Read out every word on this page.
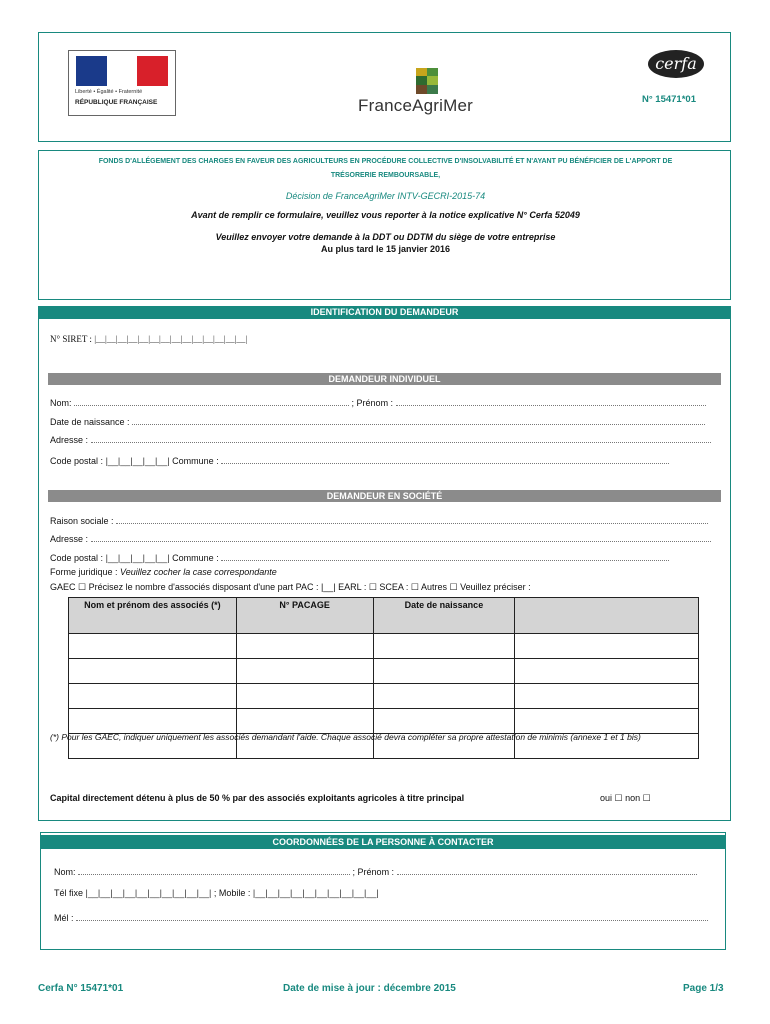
Liberté • Égalité • Fraternité
RÉPUBLIQUE FRANÇAISE	FranceAgriMer
cerfa
N° 15471*01
FONDS D'ALLÉGEMENT DES CHARGES EN FAVEUR DES AGRICULTEURS EN PROCÉDURE COLLECTIVE D'INSOLVABILITÉ ET N'AYANT PU BÉNÉFICIER DE L'APPORT DE
TRÉSORERIE REMBOURSABLE,
Décision de FranceAgriMer INTV-GECRI-2015-74
Avant de remplir ce formulaire, veuillez vous reporter à la notice explicative N° Cerfa 52049
Veuillez envoyer votre demande à la DDT ou DDTM du siège de votre entreprise
Au plus tard le 15 janvier 2016
IDENTIFICATION DU DEMANDEUR
N° SIRET : |__|__|__|__|__|__|__|__|__|__|__|__|__|__|
DEMANDEUR INDIVIDUEL
Nom:	; Prénom :
Date de naissance :
Adresse :
Code postal : |__|__|__|__|__| Commune :
DEMANDEUR EN SOCIÉTÉ
Raison sociale :
Adresse :
Code postal : |__|__|__|__|__| Commune :
Forme juridique : Veuillez cocher la case correspondante
GAEC ☐ Précisez le nombre d'associés disposant d'une part PAC : |__| EARL : ☐ SCEA : ☐ Autres ☐ Veuillez préciser :
Nom et prénom des associés (*)	N° PACAGE	Date de naissance	

(*) Pour les GAEC, indiquer uniquement les associés demandant l'aide. Chaque associé devra compléter sa propre attestation de minimis (annexe 1 et 1 bis)
Capital directement détenu à plus de 50 % par des associés exploitants agricoles à titre principal	oui ☐ non ☐
COORDONNÉES DE LA PERSONNE À CONTACTER
Nom:	; Prénom :
Tél fixe |__|__|__|__|__|__|__|__|__|__| ; Mobile : |__|__|__|__|__|__|__|__|__|__|
Mél :
Cerfa N° 15471*01	Date de mise à jour : décembre 2015	Page 1/3
